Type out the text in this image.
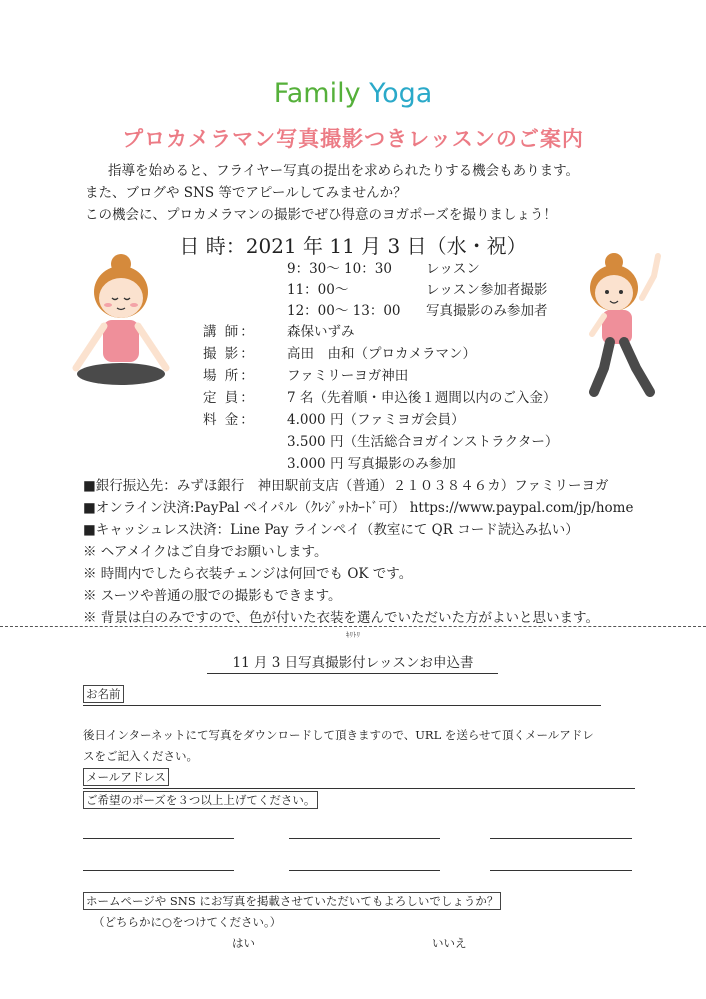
Family Yoga
プロカメラマン写真撮影つきレッスンのご案内
指導を始めると、フライヤー写真の提出を求められたりする機会もあります。
また、ブログや SNS 等でアピールしてみませんか？
この機会に、プロカメラマンの撮影でぜひ得意のヨガポーズを撮りましょう！
日 時：2021 年 11 月 3 日（水・祝）
9：30～ 10：30	レッスン
11：00～	レッスン参加者撮影
12：00～ 13：00 写真撮影のみ参加者
講 師： 森保いずみ
撮 影： 高田　由和（プロカメラマン）
場 所： ファミリーヨガ神田
定 員： 7 名（先着順・申込後１週間以内のご入金）
料 金： 4.000 円（ファミヨガ会員）
3.500 円（生活総合ヨガインストラクター）
3.000 円 写真撮影のみ参加
■銀行振込先：みずほ銀行　神田駅前支店（普通）２１０３８４６カ）ファミリーヨガ
■オンライン決済:PayPal ペイパル（ｸﾚｼﾞｯﾄｶｰﾄﾞ可） https://www.paypal.com/jp/home
■キャッシュレス決済：Line Pay ラインペイ（教室にて QR コード読込み払い）
※ ヘアメイクはご自身でお願いします。
※ 時間内でしたら衣装チェンジは何回でも OK です。
※ スーツや普通の服での撮影もできます。
※ 背景は白のみですので、色が付いた衣装を選んでいただいた方がよいと思います。
ｷﾘﾄﾘ
11 月 3 日写真撮影付レッスンお申込書
お名前
後日インターネットにて写真をダウンロードして頂きますので、URL を送らせて頂くメールアドレ
スをご記入ください。
メールアドレス
ご希望のポーズを３つ以上上げてください。
ホームページや SNS にお写真を掲載させていただいてもよろしいでしょうか？
（どちらかに○をつけてください。）
はい	いいえ
